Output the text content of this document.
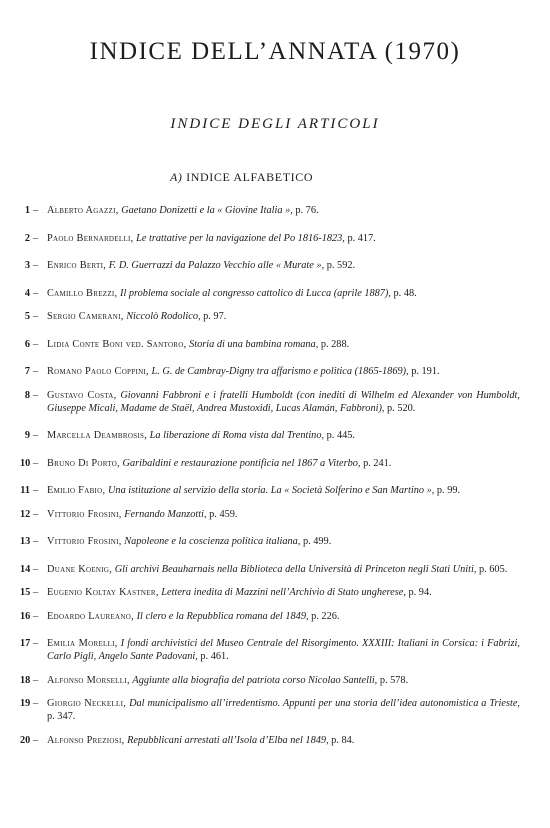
INDICE DELL’ANNATA (1970)
INDICE DEGLI ARTICOLI
A) INDICE ALFABETICO
1 – Alberto Agazzi, Gaetano Donizetti e la « Giovine Italia », p. 76.
2 – Paolo Bernardelli, Le trattative per la navigazione del Po 1816-1823, p. 417.
3 – Enrico Berti, F. D. Guerrazzi da Palazzo Vecchio alle « Murate », p. 592.
4 – Camillo Brezzi, Il problema sociale al congresso cattolico di Lucca (aprile 1887), p. 48.
5 – Sergio Camerani, Niccolò Rodolico, p. 97.
6 – Lidia Conte Boni ved. Santoro, Storia di una bambina romana, p. 288.
7 – Romano Paolo Coppini, L. G. de Cambray-Digny tra affarismo e politica (1865-1869), p. 191.
8 – Gustavo Costa, Giovanni Fabbroni e i fratelli Humboldt (con inediti di Wilhelm ed Alexander von Humboldt, Giuseppe Micali, Madame de Staël, Andrea Mustoxidi, Lucas Alamán, Fabbroni), p. 520.
9 – Marcella Deambrosis, La liberazione di Roma vista dal Trentino, p. 445.
10 – Bruno Di Porto, Garibaldini e restaurazione pontificia nel 1867 a Viterbo, p. 241.
11 – Emilio Fabio, Una istituzione al servizio della storia. La « Società Solferino e San Martino », p. 99.
12 – Vittorio Frosini, Fernando Manzotti, p. 459.
13 – Vittorio Frosini, Napoleone e la coscienza politica italiana, p. 499.
14 – Duane Koenig, Gli archivi Beauharnais nella Biblioteca della Università di Princeton negli Stati Uniti, p. 605.
15 – Eugenio Koltay Kastner, Lettera inedita di Mazzini nell’Archivio di Stato ungherese, p. 94.
16 – Edoardo Laureano, Il clero e la Repubblica romana del 1849, p. 226.
17 – Emilia Morelli, I fondi archivistici del Museo Centrale del Risorgimento. XXXIII: Italiani in Corsica: i Fabrizi, Carlo Pigli, Angelo Sante Padovani, p. 461.
18 – Alfonso Morselli, Aggiunte alla biografia del patriota corso Nicolao Santelli, p. 578.
19 – Giorgio Neckelli, Dal municipalismo all’irredentismo. Appunti per una storia dell’idea autonomistica a Trieste, p. 347.
20 – Alfonso Preziosi, Repubblicani arrestati all’Isola d’Elba nel 1849, p. 84.
